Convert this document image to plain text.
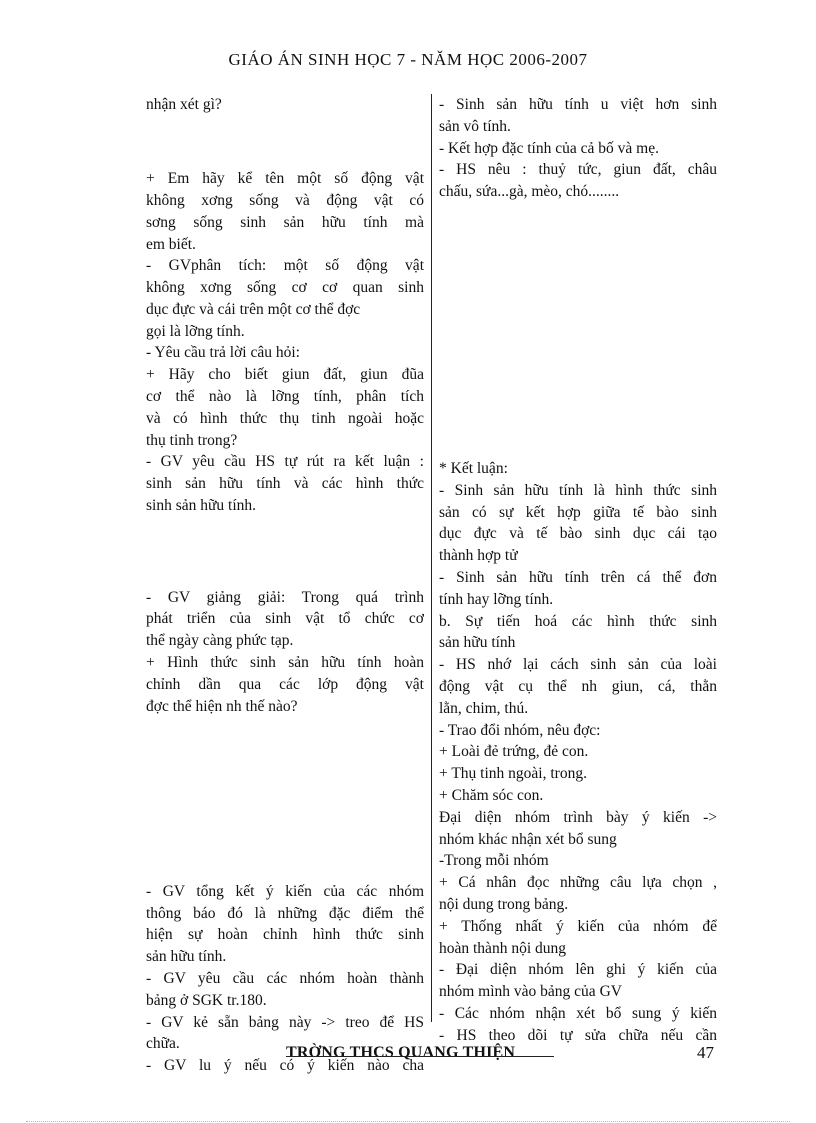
GIÁO ÁN SINH HỌC 7 - NĂM HỌC 2006-2007
nhận xét gì?
+ Em hãy kể tên một số động vật
không xơng sống và động vật có
sơng sống sinh sản hữu tính mà
em biết.
- GVphân tích: một số động vật
không xơng sống cơ cơ quan sinh
dục đực và cái trên một cơ thể đợc
gọi là lỡng tính.
- Yêu cầu trả lời câu hỏi:
+ Hãy cho biết giun đất, giun đũa
cơ thể nào là lỡng tính, phân tích
và có hình thức thụ tinh ngoài hoặc
thụ tinh trong?
- GV yêu cầu HS tự rút ra kết luận :
sinh sản hữu tính và các hình thức
sinh sản hữu tính.
- GV giảng giải: Trong quá trình
phát triển của sinh vật tổ chức cơ
thể ngày càng phức tạp.
+ Hình thức sinh sản hữu tính hoàn
chỉnh dần qua các lớp động vật
đợc thể hiện nh thế nào?
- GV tổng kết ý kiến của các nhóm
thông báo đó là những đặc điểm thể
hiện sự hoàn chỉnh hình thức sinh
sản hữu tính.
- GV yêu cầu các nhóm hoàn thành
bảng ở SGK tr.180.
- GV kẻ sẵn bảng này -> treo để HS
chữa.
- GV lu ý nếu có ý kiến nào cha
- Sinh sản hữu tính u việt hơn sinh
sản vô tính.
- Kết hợp đặc tính của cả bố và mẹ.
- HS nêu : thuỷ tức, giun đất, châu
chấu, sứa...gà, mèo, chó........
* Kết luận:
- Sinh sản hữu tính là hình thức sinh
sản có sự kết hợp giữa tế bào sinh
dục đực và tế bào sinh dục cái tạo
thành hợp tử
- Sinh sản hữu tính trên cá thể đơn
tính hay lỡng tính.
b. Sự tiến hoá các hình thức sinh
sản hữu tính
- HS nhớ lại cách sinh sản của loài
động vật cụ thể nh giun, cá, thằn
lằn, chim, thú.
- Trao đổi nhóm, nêu đợc:
+ Loài đẻ trứng, đẻ con.
+ Thụ tinh ngoài, trong.
+ Chăm sóc con.
Đại diện nhóm trình bày ý kiến ->
nhóm khác nhận xét bổ sung
-Trong mỗi nhóm
+ Cá nhân đọc những câu lựa chọn ,
nội dung trong bảng.
+ Thống nhất ý kiến của nhóm để
hoàn thành nội dung
- Đại diện nhóm lên ghi ý kiến của
nhóm mình vào bảng của GV
- Các nhóm nhận xét bổ sung ý kiến
- HS theo dõi tự sửa chữa nếu cần
TRỜNG THCS QUANG THIỆN	47
